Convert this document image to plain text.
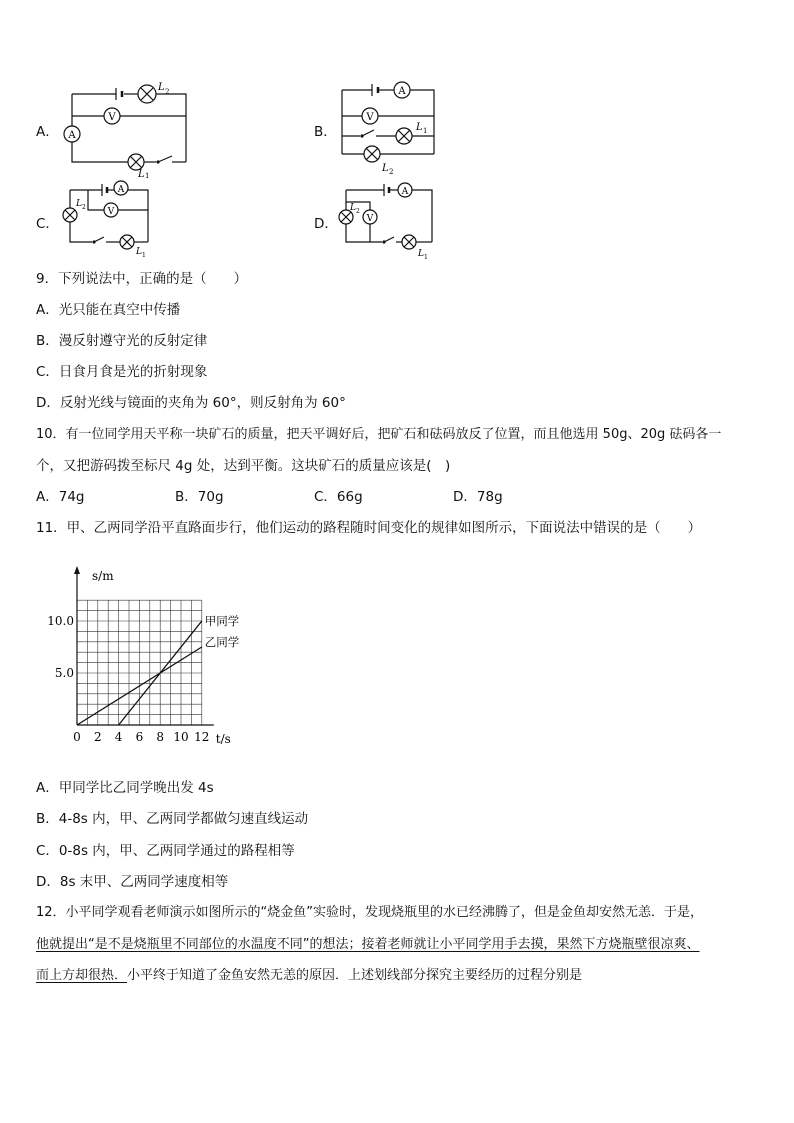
A． A
V
L 2
L 1
B．
A
V
L 1
L 2
C．
A
V
L 2
L 1
D．
A
V
L 2
L 1
9．下列说法中，正确的是（　　）
A．光只能在真空中传播
B．漫反射遵守光的反射定律
C．日食月食是光的折射现象
D．反射光线与镜面的夹角为 60°，则反射角为 60°
10．有一位同学用天平称一块矿石的质量，把天平调好后，把矿石和砝码放反了位置，而且他选用 50g、20g 砝码各一
个，又把游码拨至标尺 4g 处，达到平衡。这块矿石的质量应该是(　)
A．74g	B．70g	C．66g	D．78g
11．甲、乙两同学沿平直路面步行，他们运动的路程随时间变化的规律如图所示，下面说法中错误的是（　　）
0 2 4 6 8 10 12
5.0
10.0
s/m
t/s
甲同学
乙同学
A．甲同学比乙同学晚出发 4s
B．4-8s 内，甲、乙两同学都做匀速直线运动
C．0-8s 内，甲、乙两同学通过的路程相等
D．8s 末甲、乙两同学速度相等
12．小平同学观看老师演示如图所示的“烧金鱼”实验时，发现烧瓶里的水已经沸腾了，但是金鱼却安然无恙．于是，
他就提出“是不是烧瓶里不同部位的水温度不同”的想法；接着老师就让小平同学用手去摸，果然下方烧瓶壁很凉爽、
而上方却很热．小平终于知道了金鱼安然无恙的原因．上述划线部分探究主要经历的过程分别是
